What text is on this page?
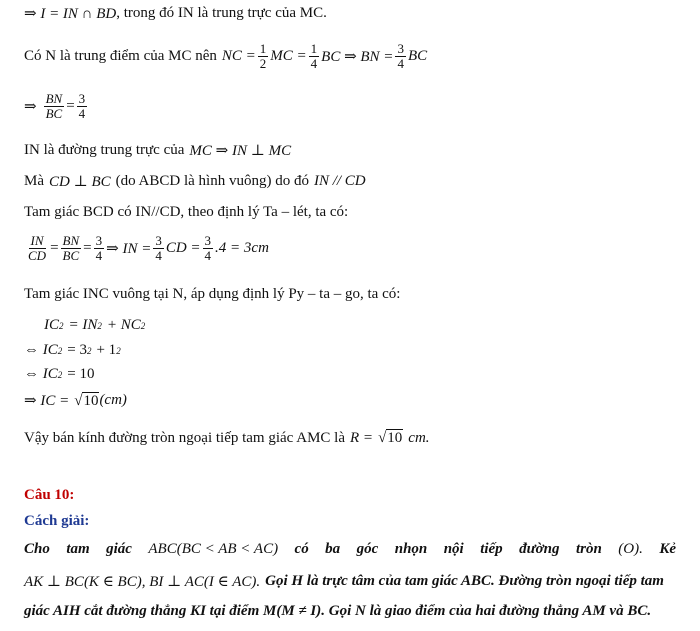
⇒ I = IN ∩ BD , trong đó IN là trung trực của MC.
Có N là trung điểm của MC nên NC = $\frac{1}{2}$ MC = $\frac{1}{4}$ BC ⇒ BN = $\frac{3}{4}$ BC
⇒ $\frac{BN}{BC} = \frac{3}{4}$
IN là đường trung trực của MC ⇒ IN ⊥ MC
Mà CD ⊥ BC (do ABCD là hình vuông) do đó IN // CD
Tam giác BCD có IN//CD, theo định lý Ta – lét, ta có:
$\frac{IN}{CD} = \frac{BN}{BC} = \frac{3}{4}$ ⇒ IN = $\frac{3}{4}$ CD = $\frac{3}{4} .4 = 3cm$
Tam giác INC vuông tại N, áp dụng định lý Py – ta – go, ta có:
IC 2 = IN 2 + NC 2
⇔ IC 2 = 3 2 + 1 2
⇔ IC 2 = 10
⇒ IC = √ 10 (cm)
Vậy bán kính đường tròn ngoại tiếp tam giác AMC là R = √ 10 cm.
Câu 10:
Cách giải:
Cho tam giác ABC(BC < AB < AC) có ba góc nhọn nội tiếp đường tròn (O). Kẻ
AK ⊥ BC(K ∈ BC), BI ⊥ AC(I ∈ AC). Gọi H là trực tâm của tam giác ABC. Đường tròn ngoại tiếp tam
giác AIH cắt đường thẳng KI tại điểm M(M ≠ I). Gọi N là giao điểm của hai đường thẳng AM và BC.
